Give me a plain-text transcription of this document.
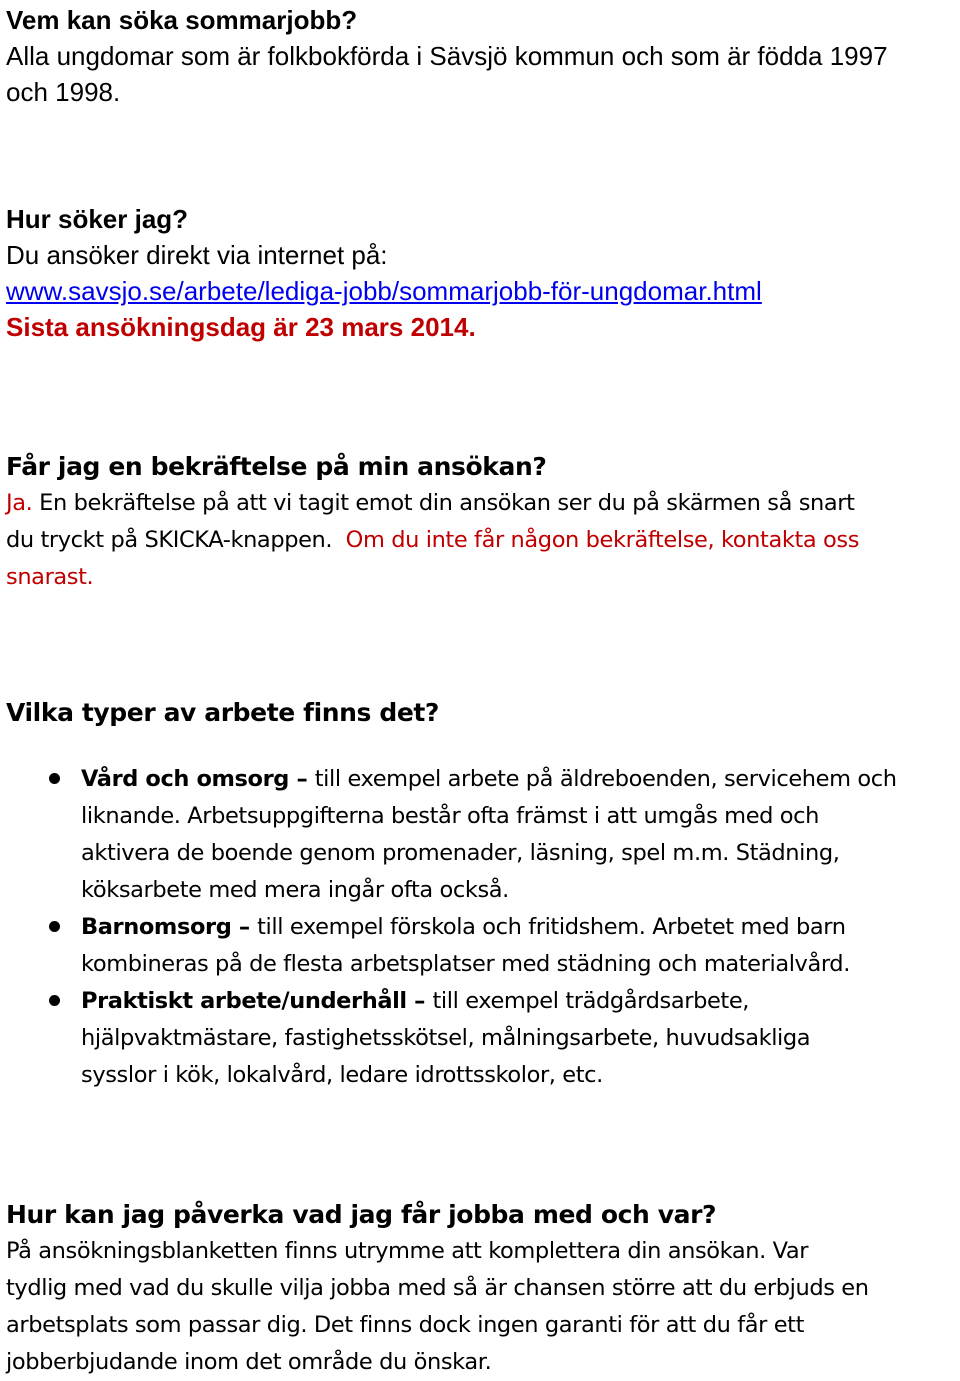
Vem kan söka sommarjobb?

Alla ungdomar som är folkbokförda i Sävsjö kommun och som är födda 1997

och 1998.

Hur söker jag?

Du ansöker direkt via internet på:

www.savsjo.se/arbete/lediga-jobb/sommarjobb-för-ungdomar.html

Sista ansökningsdag är 23 mars 2014.

Får jag en bekräftelse på min ansökan?

Ja. En bekräftelse på att vi tagit emot din ansökan ser du på skärmen så snart

du tryckt på SKICKA-knappen.  Om du inte får någon bekräftelse, kontakta oss

snarast.

Vilka typer av arbete finns det?
Vård och omsorg – till exempel arbete på äldreboenden, servicehem och
liknande. Arbetsuppgifterna består ofta främst i att umgås med och
aktivera de boende genom promenader, läsning, spel m.m. Städning,
köksarbete med mera ingår ofta också.
Barnomsorg – till exempel förskola och fritidshem. Arbetet med barn
kombineras på de flesta arbetsplatser med städning och materialvård.
Praktiskt arbete/underhåll – till exempel trädgårdsarbete,
hjälpvaktmästare, fastighetsskötsel, målningsarbete, huvudsakliga
sysslor i kök, lokalvård, ledare idrottsskolor, etc.
Hur kan jag påverka vad jag får jobba med och var?

På ansökningsblanketten finns utrymme att komplettera din ansökan. Var

tydlig med vad du skulle vilja jobba med så är chansen större att du erbjuds en

arbetsplats som passar dig. Det finns dock ingen garanti för att du får ett

jobberbjudande inom det område du önskar.
